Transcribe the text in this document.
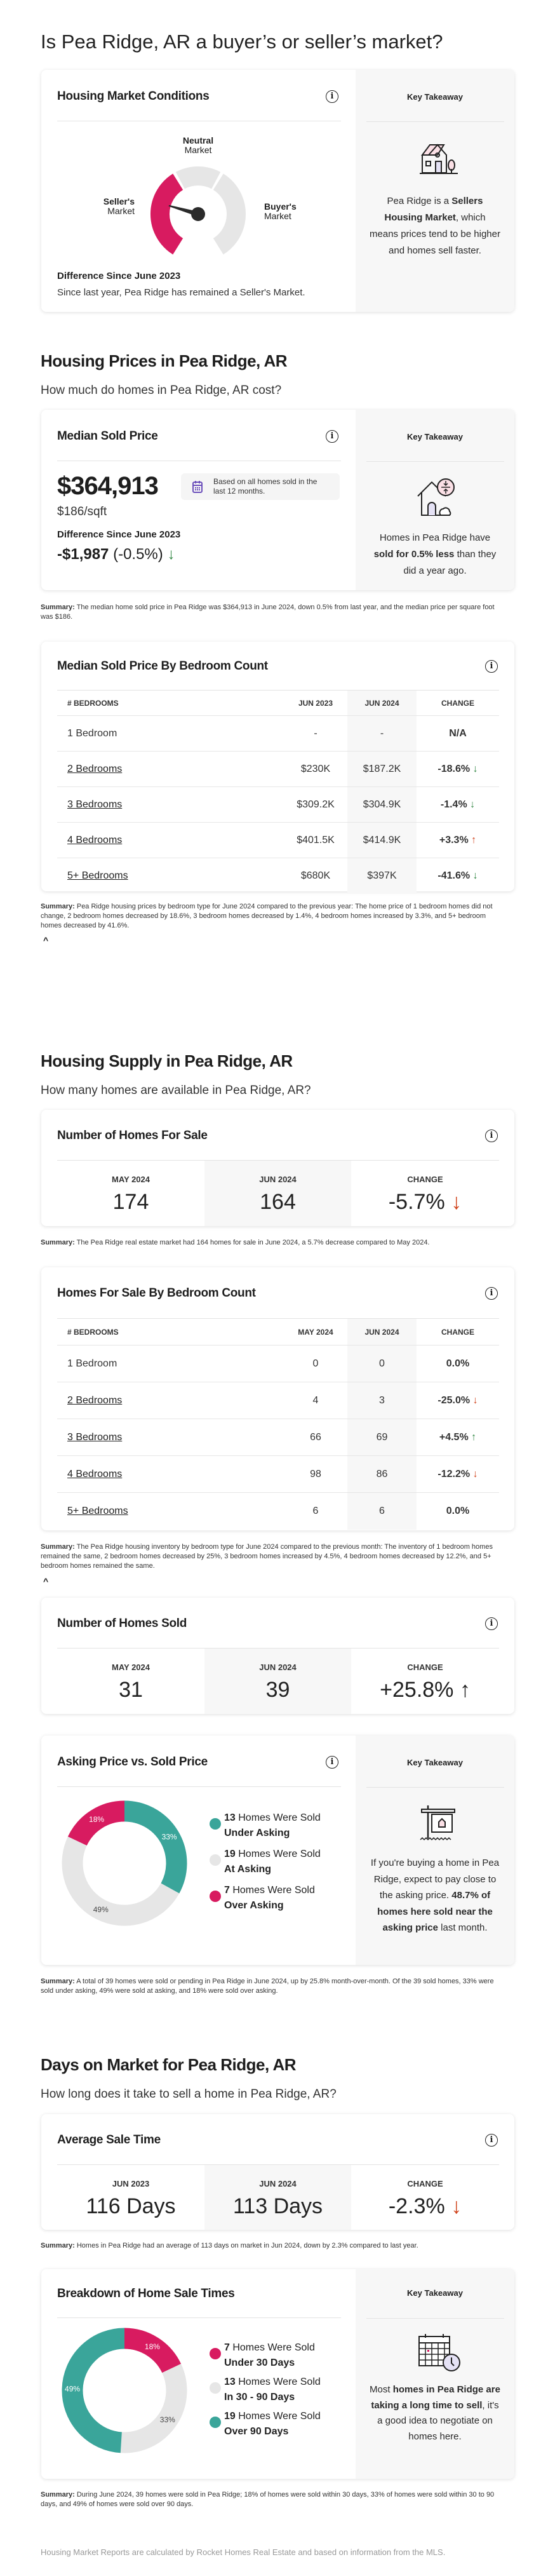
Is Pea Ridge, AR a buyer’s or seller’s market?
Housing Market Conditions	i
Neutral
Market
Seller's
Market	Buyer's
Market
Difference Since June 2023
Since last year, Pea Ridge has remained a Seller's Market.
Key Takeaway
Pea Ridge is a Sellers Housing Market, which means prices tend to be higher and homes sell faster.
Housing Prices in Pea Ridge, AR
How much do homes in Pea Ridge, AR cost?
Median Sold Price	i
$364,913	Based on all homes sold in the last 12 months.
$186/sqft
Difference Since June 2023
-$1,987 (-0.5%) ↓
Key Takeaway
Homes in Pea Ridge have sold for 0.5% less than they did a year ago.
Summary: The median home sold price in Pea Ridge was $364,913 in June 2024, down 0.5% from last year, and the median price per square foot was $186.
Median Sold Price By Bedroom Count	i
# BEDROOMS	JUN 2023	JUN 2024	CHANGE
1 Bedroom	-	-	N/A
2 Bedrooms	$230K	$187.2K	-18.6%
↓
3 Bedrooms	$309.2K	$304.9K	-1.4%
↓
4 Bedrooms	$401.5K	$414.9K	+3.3%
↑
5+ Bedrooms	$680K	$397K	-41.6%
↓
Summary: Pea Ridge housing prices by bedroom type for June 2024 compared to the previous year: The home price of 1 bedroom homes did not change, 2 bedroom homes decreased by 18.6%, 3 bedroom homes decreased by 1.4%, 4 bedroom homes increased by 3.3%, and 5+ bedroom homes decreased by 41.6%.
^
Housing Supply in Pea Ridge, AR
How many homes are available in Pea Ridge, AR?
Number of Homes For Sale	i
MAY 2024
174
JUN 2024
164
CHANGE
-5.7% ↓
Summary: The Pea Ridge real estate market had 164 homes for sale in June 2024, a 5.7% decrease compared to May 2024.
Homes For Sale By Bedroom Count	i
# BEDROOMS	MAY 2024	JUN 2024	CHANGE
1 Bedroom	0	0	0.0%
2 Bedrooms	4	3	-25.0%
↓
3 Bedrooms	66	69	+4.5%
↑
4 Bedrooms	98	86	-12.2%
↓
5+ Bedrooms	6	6	0.0%
Summary: The Pea Ridge housing inventory by bedroom type for June 2024 compared to the previous month: The inventory of 1 bedroom homes remained the same, 2 bedroom homes decreased by 25%, 3 bedroom homes increased by 4.5%, 4 bedroom homes decreased by 12.2%, and 5+ bedroom homes remained the same.
^
Number of Homes Sold	i
MAY 2024
31
JUN 2024
39
CHANGE
+25.8% ↑
Asking Price vs. Sold Price	i
33%
49%
18%	13 Homes Were Sold
Under Asking
19 Homes Were Sold
At Asking
7 Homes Were Sold
Over Asking
Key Takeaway
If you're buying a home in Pea Ridge, expect to pay close to the asking price. 48.7% of homes here sold near the asking price last month.
Summary: A total of 39 homes were sold or pending in Pea Ridge in June 2024, up by 25.8% month-over-month. Of the 39 sold homes, 33% were sold under asking, 49% were sold at asking, and 18% were sold over asking.
Days on Market for Pea Ridge, AR
How long does it take to sell a home in Pea Ridge, AR?
Average Sale Time	i
JUN 2023
116 Days
JUN 2024
113 Days
CHANGE
-2.3% ↓
Summary: Homes in Pea Ridge had an average of 113 days on market in Jun 2024, down by 2.3% compared to last year.
Breakdown of Home Sale Times
18%
33%
49%
7 Homes Were Sold
Under 30 Days
13 Homes Were Sold
In 30 - 90 Days
19 Homes Were Sold
Over 90 Days
Key Takeaway
Most homes in Pea Ridge are taking a long time to sell, it's a good idea to negotiate on homes here.
Summary: During June 2024, 39 homes were sold in Pea Ridge; 18% of homes were sold within 30 days, 33% of homes were sold within 30 to 90 days, and 49% of homes were sold over 90 days.
Housing Market Reports are calculated by Rocket Homes Real Estate and based on information from the MLS.
